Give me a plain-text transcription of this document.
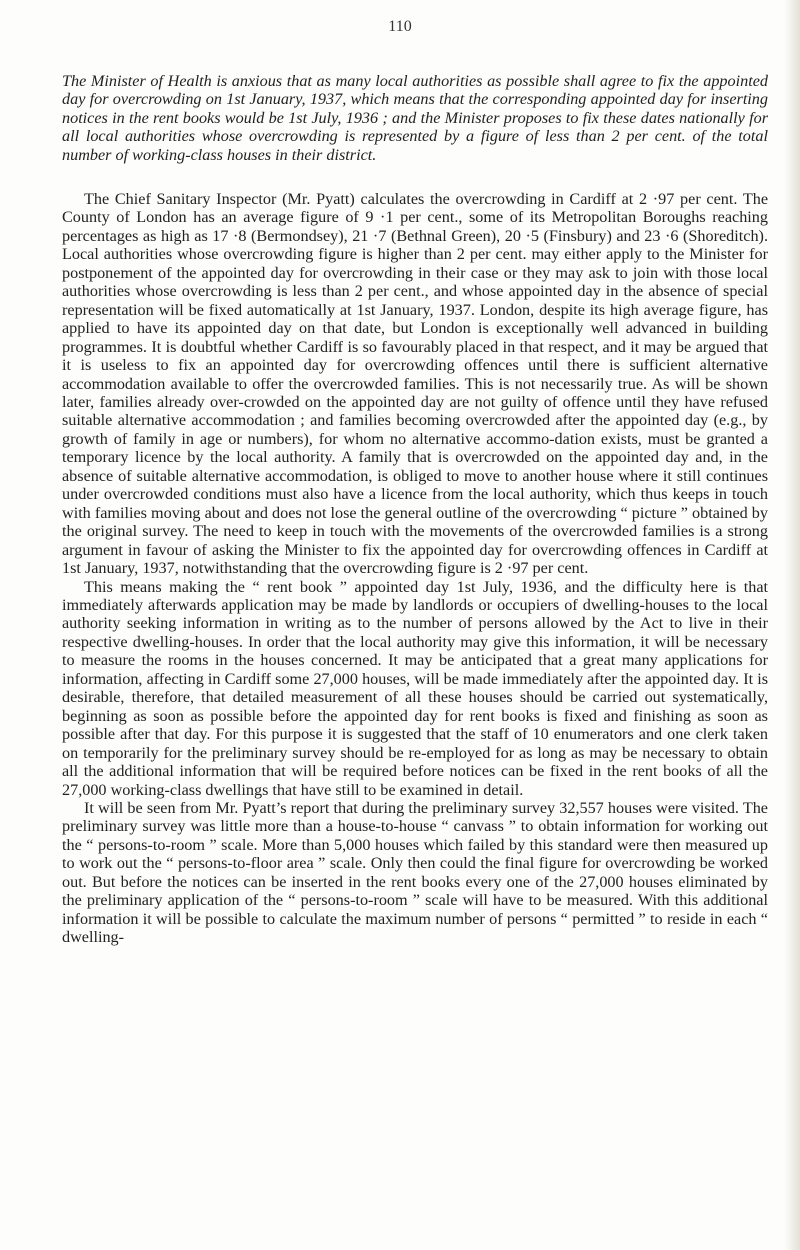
110

The Minister of Health is anxious that as many local authorities as possible shall agree to fix the appointed day for overcrowding on 1st January, 1937, which means that the corresponding appointed day for inserting notices in the rent books would be 1st July, 1936 ; and the Minister proposes to fix these dates nationally for all local authorities whose overcrowding is represented by a figure of less than 2 per cent. of the total number of working-class houses in their district.

The Chief Sanitary Inspector (Mr. Pyatt) calculates the overcrowding in Cardiff at 2 ·97 per cent. The County of London has an average figure of 9 ·1 per cent., some of its Metropolitan Boroughs reaching percentages as high as 17 ·8 (Bermondsey), 21 ·7 (Bethnal Green), 20 ·5 (Finsbury) and 23 ·6 (Shoreditch). Local authorities whose overcrowding figure is higher than 2 per cent. may either apply to the Minister for postponement of the appointed day for overcrowding in their case or they may ask to join with those local authorities whose overcrowding is less than 2 per cent., and whose appointed day in the absence of special representation will be fixed automatically at 1st January, 1937. London, despite its high average figure, has applied to have its appointed day on that date, but London is exceptionally well advanced in building programmes. It is doubtful whether Cardiff is so favourably placed in that respect, and it may be argued that it is useless to fix an appointed day for overcrowding offences until there is sufficient alternative accommodation available to offer the overcrowded families. This is not necessarily true. As will be shown later, families already over-crowded on the appointed day are not guilty of offence until they have refused suitable alternative accommodation ; and families becoming overcrowded after the appointed day (e.g., by growth of family in age or numbers), for whom no alternative accommo-dation exists, must be granted a temporary licence by the local authority. A family that is overcrowded on the appointed day and, in the absence of suitable alternative accommodation, is obliged to move to another house where it still continues under overcrowded conditions must also have a licence from the local authority, which thus keeps in touch with families moving about and does not lose the general outline of the overcrowding “ picture ” obtained by the original survey. The need to keep in touch with the movements of the overcrowded families is a strong argument in favour of asking the Minister to fix the appointed day for overcrowding offences in Cardiff at 1st January, 1937, notwithstanding that the overcrowding figure is 2 ·97 per cent.

This means making the “ rent book ” appointed day 1st July, 1936, and the difficulty here is that immediately afterwards application may be made by landlords or occupiers of dwelling-houses to the local authority seeking information in writing as to the number of persons allowed by the Act to live in their respective dwelling-houses. In order that the local authority may give this information, it will be necessary to measure the rooms in the houses concerned. It may be anticipated that a great many applications for information, affecting in Cardiff some 27,000 houses, will be made immediately after the appointed day. It is desirable, therefore, that detailed measurement of all these houses should be carried out systematically, beginning as soon as possible before the appointed day for rent books is fixed and finishing as soon as possible after that day. For this purpose it is suggested that the staff of 10 enumerators and one clerk taken on temporarily for the preliminary survey should be re-employed for as long as may be necessary to obtain all the additional information that will be required before notices can be fixed in the rent books of all the 27,000 working-class dwellings that have still to be examined in detail.

It will be seen from Mr. Pyatt’s report that during the preliminary survey 32,557 houses were visited. The preliminary survey was little more than a house-to-house “ canvass ” to obtain information for working out the “ persons-to-room ” scale. More than 5,000 houses which failed by this standard were then measured up to work out the “ persons-to-floor area ” scale. Only then could the final figure for overcrowding be worked out. But before the notices can be inserted in the rent books every one of the 27,000 houses eliminated by the preliminary application of the “ persons-to-room ” scale will have to be measured. With this additional information it will be possible to calculate the maximum number of persons “ permitted ” to reside in each “ dwelling-
